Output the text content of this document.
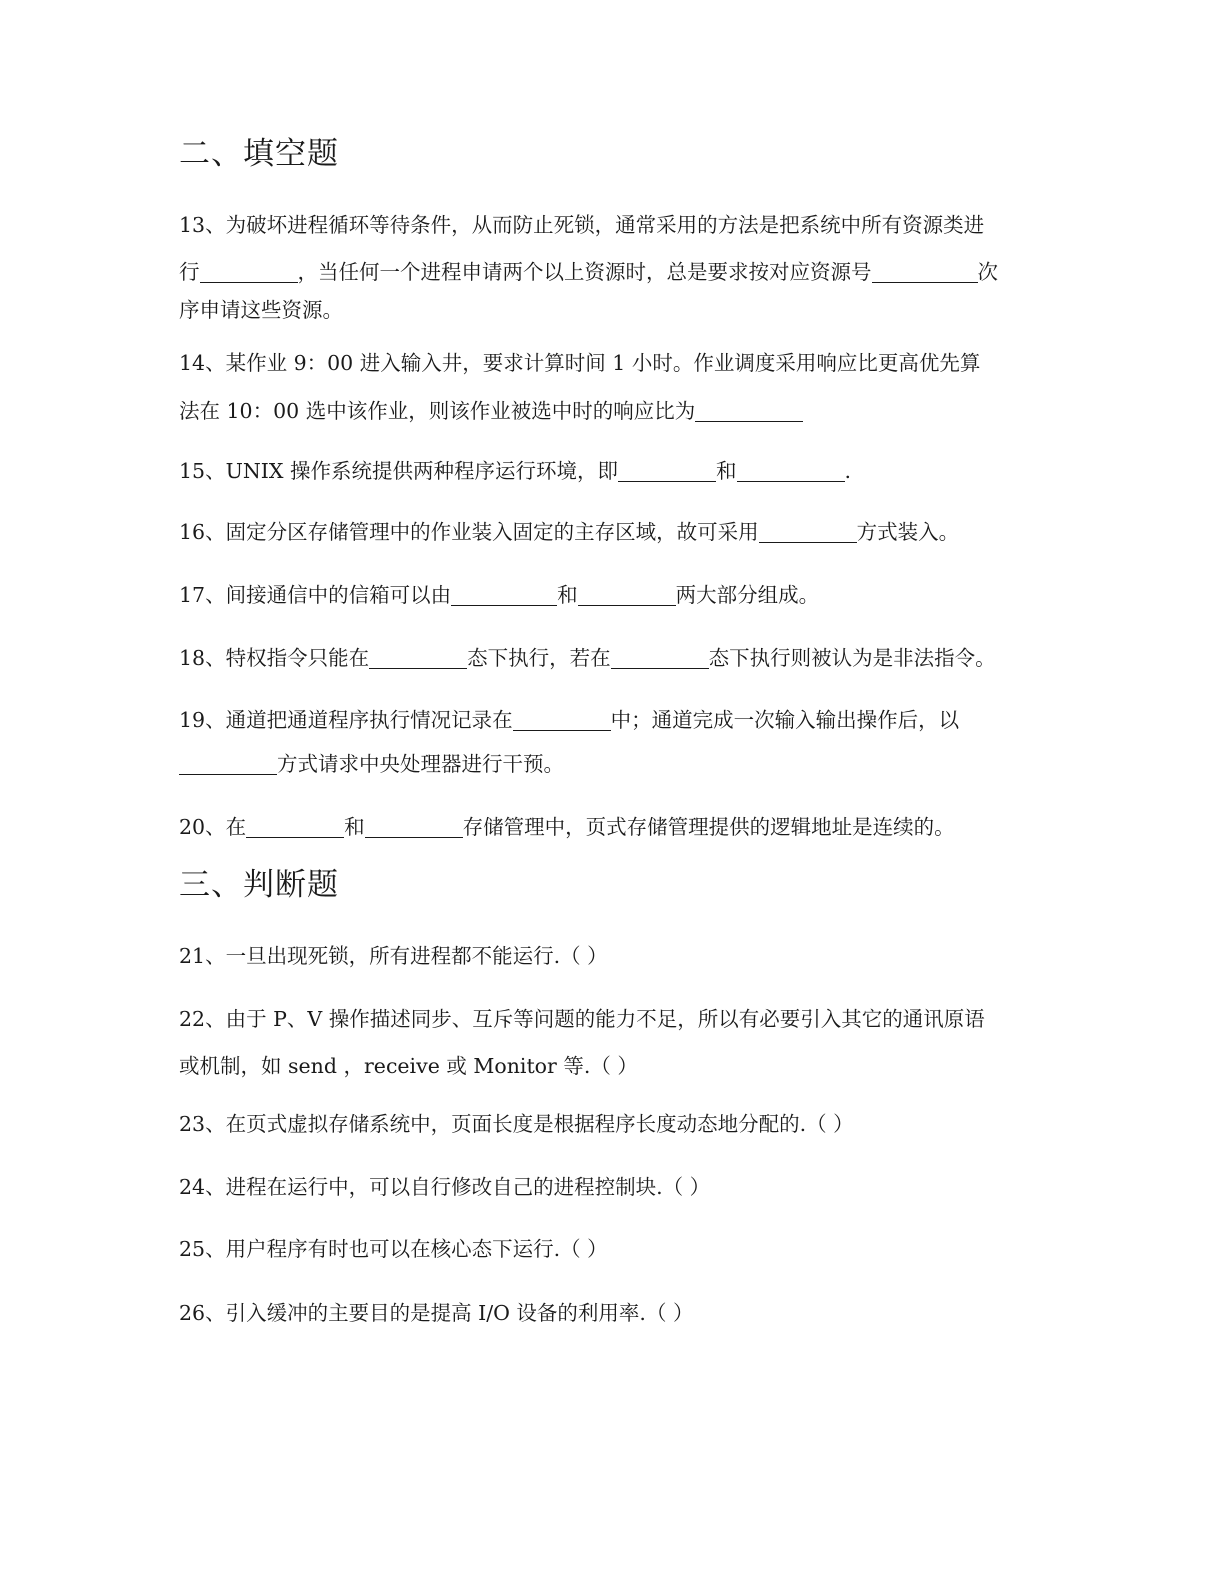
二、填空题
13、为破坏进程循环等待条件，从而防止死锁，通常采用的方法是把系统中所有资源类进
行	，当任何一个进程申请两个以上资源时，总是要求按对应资源号	次
序申请这些资源。
14、某作业 9：00 进入输入井，要求计算时间 1 小时。作业调度采用响应比更高优先算
法在 10：00 选中该作业，则该作业被选中时的响应比为
15、UNIX 操作系统提供两种程序运行环境，即	和	.
16、固定分区存储管理中的作业装入固定的主存区域，故可采用	方式装入。
17、间接通信中的信箱可以由	和	两大部分组成。
18、特权指令只能在	态下执行，若在	态下执行则被认为是非法指令。
19、通道把通道程序执行情况记录在	中；通道完成一次输入输出操作后，以
方式请求中央处理器进行干预。
20、在	和	存储管理中，页式存储管理提供的逻辑地址是连续的。
三、判断题
21、一旦出现死锁，所有进程都不能运行.（ ）
22、由于 P、V 操作描述同步、互斥等问题的能力不足，所以有必要引入其它的通讯原语
或机制，如 send ，receive 或 Monitor 等.（ ）
23、在页式虚拟存储系统中，页面长度是根据程序长度动态地分配的.（ ）
24、进程在运行中，可以自行修改自己的进程控制块.（ ）
25、用户程序有时也可以在核心态下运行.（ ）
26、引入缓冲的主要目的是提高 I/O 设备的利用率.（ ）
